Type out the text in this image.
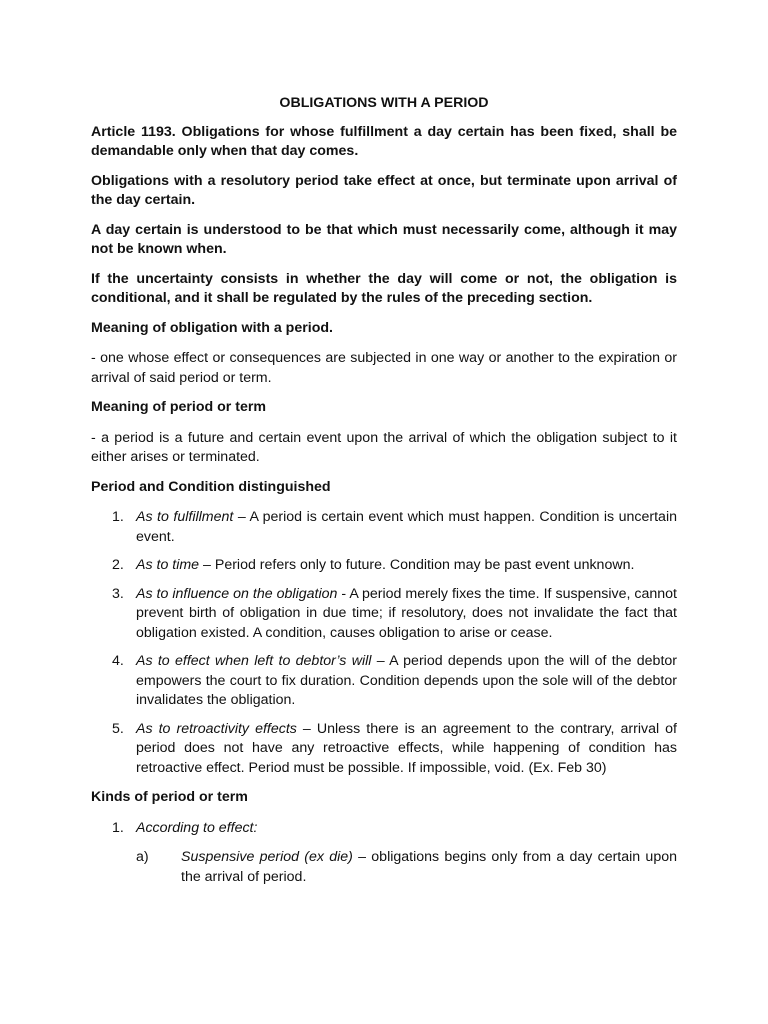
OBLIGATIONS WITH A PERIOD

Article 1193. Obligations for whose fulfillment a day certain has been fixed, shall be demandable only when that day comes.

Obligations with a resolutory period take effect at once, but terminate upon arrival of the day certain.

A day certain is understood to be that which must necessarily come, although it may not be known when.

If the uncertainty consists in whether the day will come or not, the obligation is conditional, and it shall be regulated by the rules of the preceding section.

Meaning of obligation with a period.

- one whose effect or consequences are subjected in one way or another to the expiration or arrival of said period or term.

Meaning of period or term

- a period is a future and certain event upon the arrival of which the obligation subject to it either arises or terminated.

Period and Condition distinguished
1. As to fulfillment – A period is certain event which must happen. Condition is uncertain event.
2. As to time – Period refers only to future. Condition may be past event unknown.
3. As to influence on the obligation - A period merely fixes the time. If suspensive, cannot prevent birth of obligation in due time; if resolutory, does not invalidate the fact that obligation existed. A condition, causes obligation to arise or cease.
4. As to effect when left to debtor’s will – A period depends upon the will of the debtor empowers the court to fix duration. Condition depends upon the sole will of the debtor invalidates the obligation.
5. As to retroactivity effects – Unless there is an agreement to the contrary, arrival of period does not have any retroactive effects, while happening of condition has retroactive effect. Period must be possible. If impossible, void. (Ex. Feb 30)
Kinds of period or term
1. According to effect:
a) Suspensive period (ex die) – obligations begins only from a day certain upon the arrival of period.
